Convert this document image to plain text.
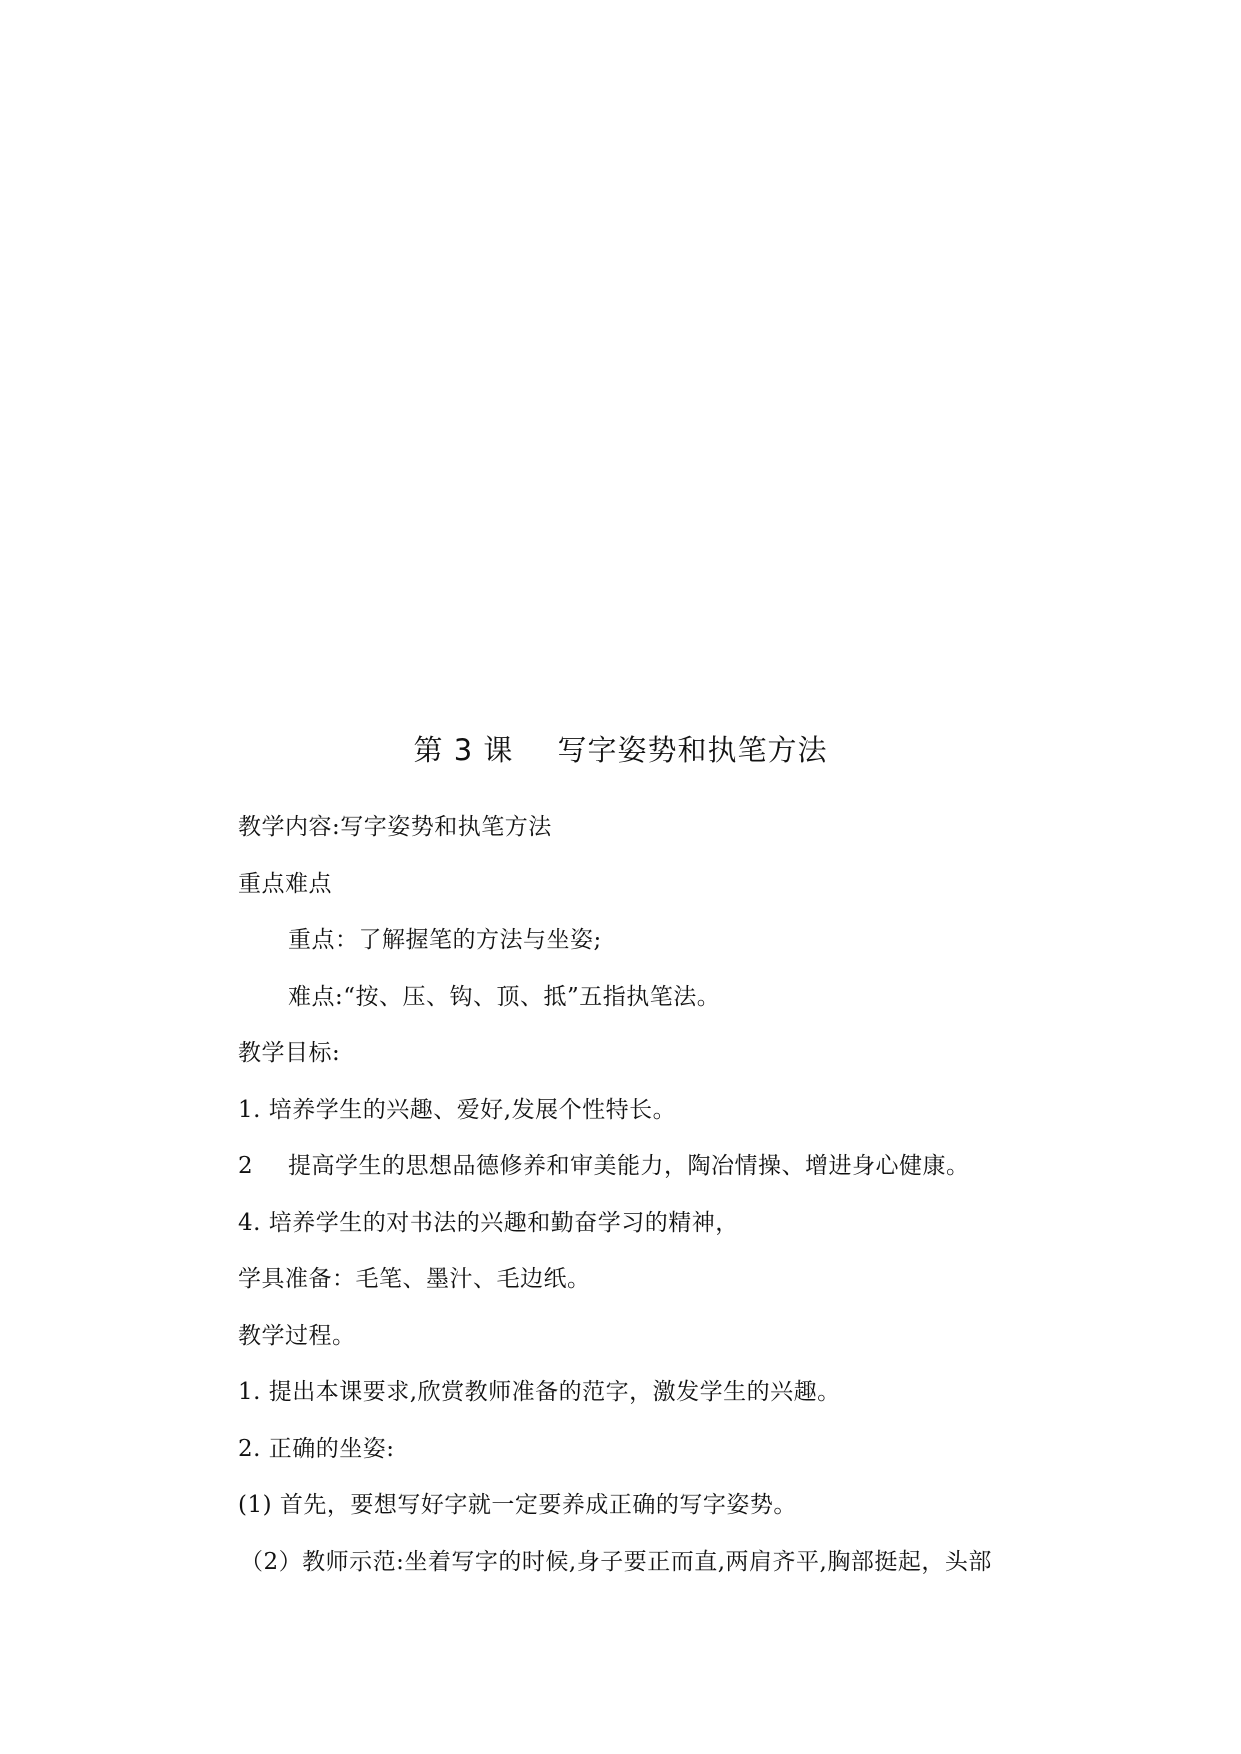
第 3 课 写字姿势和执笔方法
教学内容:写字姿势和执笔方法
重点难点
重点：了解握笔的方法与坐姿;
难点:“按、压、钩、顶、抵”五指执笔法。
教学目标:
1. 培养学生的兴趣、爱好,发展个性特长。
2 提高学生的思想品德修养和审美能力，陶冶情操、增进身心健康。
4. 培养学生的对书法的兴趣和勤奋学习的精神，
学具准备：毛笔、墨汁、毛边纸。
教学过程。
1. 提出本课要求,欣赏教师准备的范字，激发学生的兴趣。
2. 正确的坐姿:
(1) 首先，要想写好字就一定要养成正确的写字姿势。
（2）教师示范:坐着写字的时候,身子要正而直,两肩齐平,胸部挺起，头部
